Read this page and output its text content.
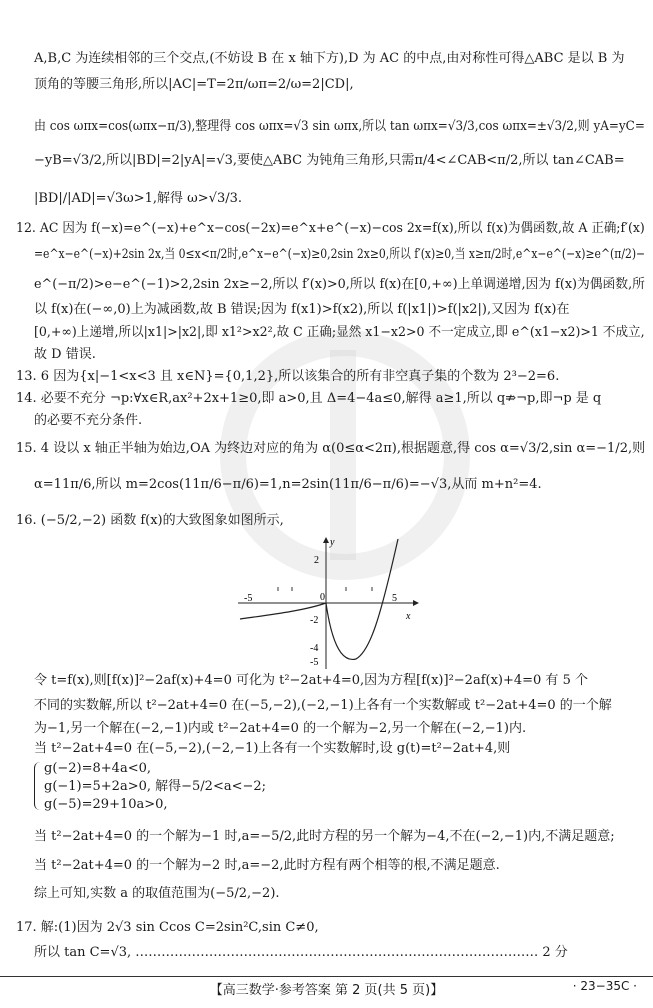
A,B,C 为连续相邻的三个交点,(不妨设 B 在 x 轴下方),D 为 AC 的中点,由对称性可得△ABC 是以 B 为
顶角的等腰三角形,所以|AC|=T=2π/ωπ=2/ω=2|CD|,
由 cos ωπx=cos(ωπx−π/3),整理得 cos ωπx=√3 sin ωπx,所以 tan ωπx=√3/3,cos ωπx=±√3/2,则 yA=yC=
−yB=√3/2,所以|BD|=2|yA|=√3,要使△ABC 为钝角三角形,只需π/4<∠CAB<π/2,所以 tan∠CAB=
|BD|/|AD|=√3ω>1,解得 ω>√3/3.
12. AC 因为 f(−x)=e^(−x)+e^x−cos(−2x)=e^x+e^(−x)−cos 2x=f(x),所以 f(x)为偶函数,故 A 正确;f′(x)
=e^x−e^(−x)+2sin 2x,当 0≤x<π/2时,e^x−e^(−x)≥0,2sin 2x≥0,所以 f′(x)≥0,当 x≥π/2时,e^x−e^(−x)≥e^(π/2)−
e^(−π/2)>e−e^(−1)>2,2sin 2x≥−2,所以 f′(x)>0,所以 f(x)在[0,+∞)上单调递增,因为 f(x)为偶函数,所
以 f(x)在(−∞,0)上为减函数,故 B 错误;因为 f(x1)>f(x2),所以 f(|x1|)>f(|x2|),又因为 f(x)在
[0,+∞)上递增,所以|x1|>|x2|,即 x1²>x2²,故 C 正确;显然 x1−x2>0 不一定成立,即 e^(x1−x2)>1 不成立,
故 D 错误.
13. 6 因为{x|−1<x<3 且 x∈N}={0,1,2},所以该集合的所有非空真子集的个数为 2³−2=6.
14. 必要不充分 ¬p:∀x∈R,ax²+2x+1≥0,即 a>0,且 Δ=4−4a≤0,解得 a≥1,所以 q⇏¬p,即¬p 是 q
的必要不充分条件.
15. 4 设以 x 轴正半轴为始边,OA 为终边对应的角为 α(0≤α<2π),根据题意,得 cos α=√3/2,sin α=−1/2,则
α=11π/6,所以 m=2cos(11π/6−π/6)=1,n=2sin(11π/6−π/6)=−√3,从而 m+n²=4.
16. (−5/2,−2) 函数 f(x)的大致图象如图所示,
y
x
0
2
-2
-4
-5
-5	5
令 t=f(x),则[f(x)]²−2af(x)+4=0 可化为 t²−2at+4=0,因为方程[f(x)]²−2af(x)+4=0 有 5 个
不同的实数解,所以 t²−2at+4=0 在(−5,−2),(−2,−1)上各有一个实数解或 t²−2at+4=0 的一个解
为−1,另一个解在(−2,−1)内或 t²−2at+4=0 的一个解为−2,另一个解在(−2,−1)内.
当 t²−2at+4=0 在(−5,−2),(−2,−1)上各有一个实数解时,设 g(t)=t²−2at+4,则
g(−2)=8+4a<0,
g(−1)=5+2a>0, 解得−5/2<a<−2;
g(−5)=29+10a>0,
当 t²−2at+4=0 的一个解为−1 时,a=−5/2,此时方程的另一个解为−4,不在(−2,−1)内,不满足题意;
当 t²−2at+4=0 的一个解为−2 时,a=−2,此时方程有两个相等的根,不满足题意.
综上可知,实数 a 的取值范围为(−5/2,−2).
17. 解:(1)因为 2√3 sin Ccos C=2sin²C,sin C≠0,
所以 tan C=√3, ………………………………………………………………………………… 2 分
【高三数学·参考答案 第 2 页(共 5 页)】	· 23−35C ·
